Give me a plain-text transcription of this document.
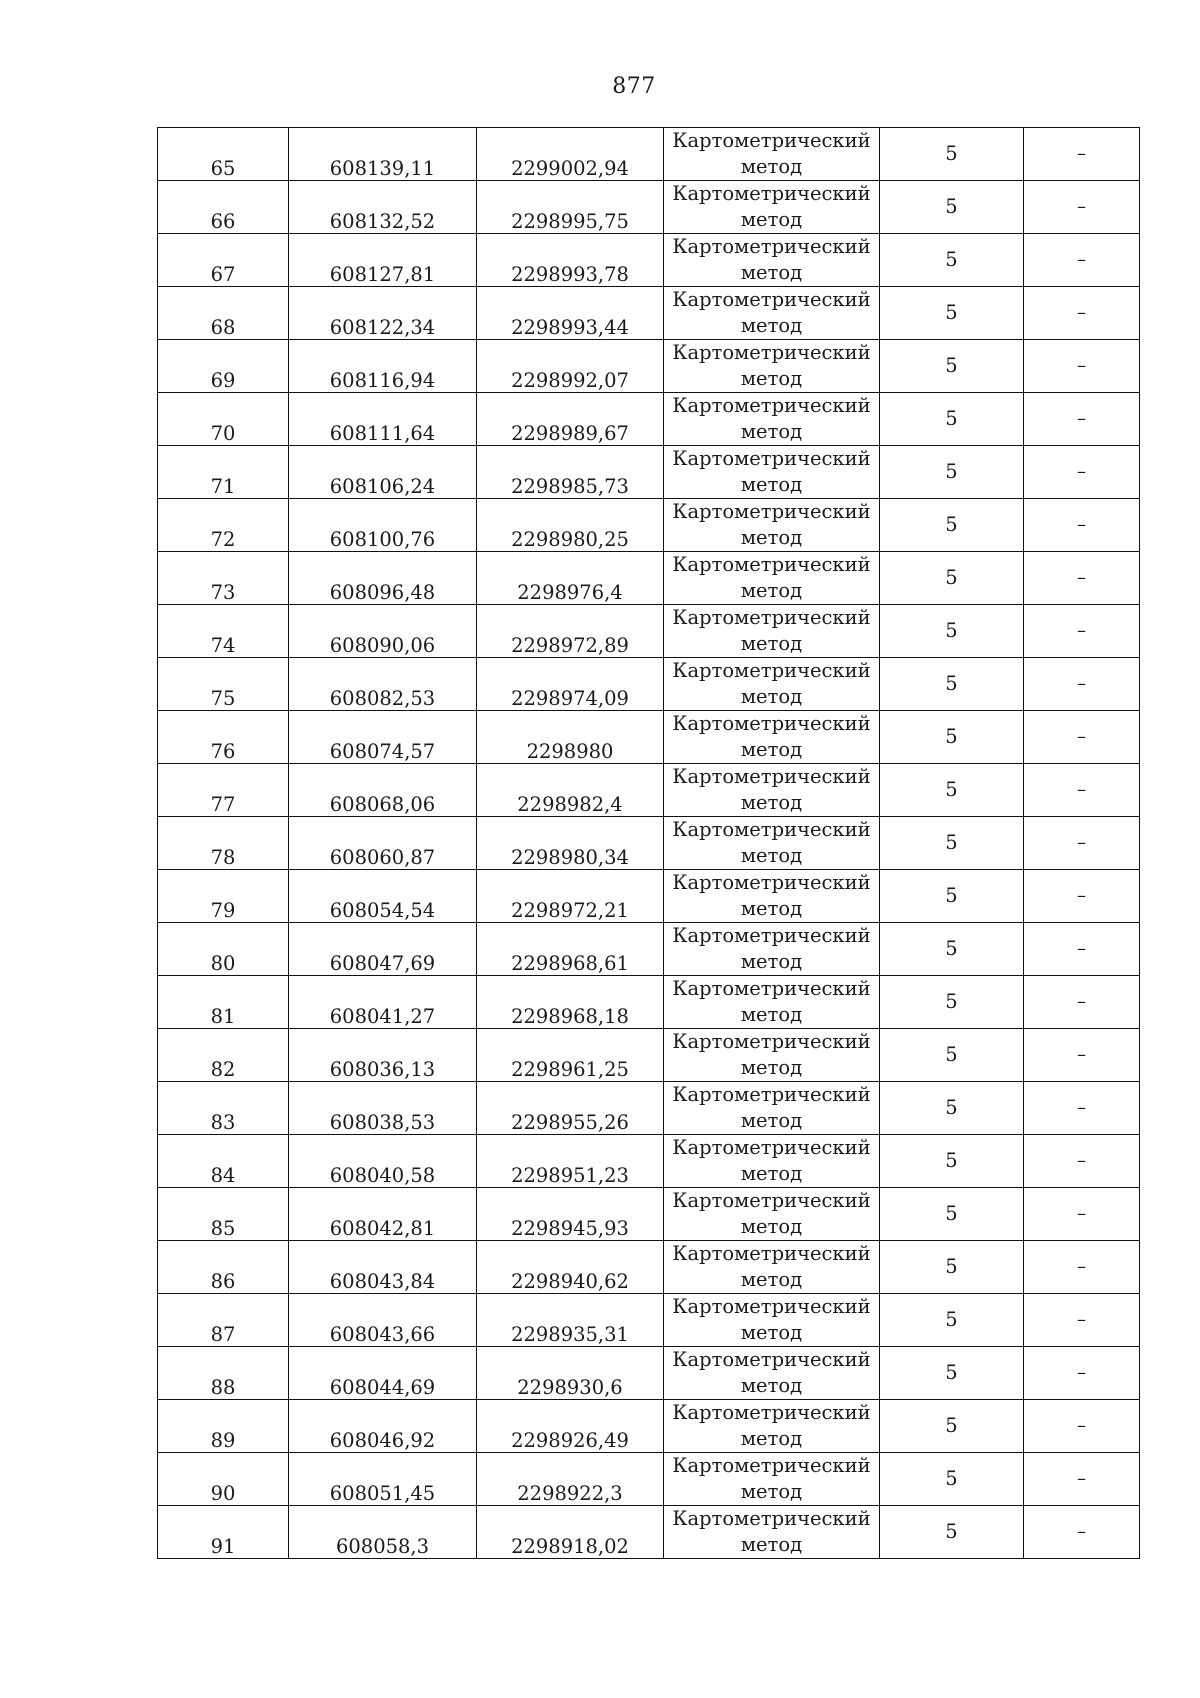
877
65	608139,11	2299002,94	Картометрический
метод	5	–
66	608132,52	2298995,75	Картометрический
метод	5	–
67	608127,81	2298993,78	Картометрический
метод	5	–
68	608122,34	2298993,44	Картометрический
метод	5	–
69	608116,94	2298992,07	Картометрический
метод	5	–
70	608111,64	2298989,67	Картометрический
метод	5	–
71	608106,24	2298985,73	Картометрический
метод	5	–
72	608100,76	2298980,25	Картометрический
метод	5	–
73	608096,48	2298976,4	Картометрический
метод	5	–
74	608090,06	2298972,89	Картометрический
метод	5	–
75	608082,53	2298974,09	Картометрический
метод	5	–
76	608074,57	2298980	Картометрический
метод	5	–
77	608068,06	2298982,4	Картометрический
метод	5	–
78	608060,87	2298980,34	Картометрический
метод	5	–
79	608054,54	2298972,21	Картометрический
метод	5	–
80	608047,69	2298968,61	Картометрический
метод	5	–
81	608041,27	2298968,18	Картометрический
метод	5	–
82	608036,13	2298961,25	Картометрический
метод	5	–
83	608038,53	2298955,26	Картометрический
метод	5	–
84	608040,58	2298951,23	Картометрический
метод	5	–
85	608042,81	2298945,93	Картометрический
метод	5	–
86	608043,84	2298940,62	Картометрический
метод	5	–
87	608043,66	2298935,31	Картометрический
метод	5	–
88	608044,69	2298930,6	Картометрический
метод	5	–
89	608046,92	2298926,49	Картометрический
метод	5	–
90	608051,45	2298922,3	Картометрический
метод	5	–
91	608058,3	2298918,02	Картометрический
метод	5	–
